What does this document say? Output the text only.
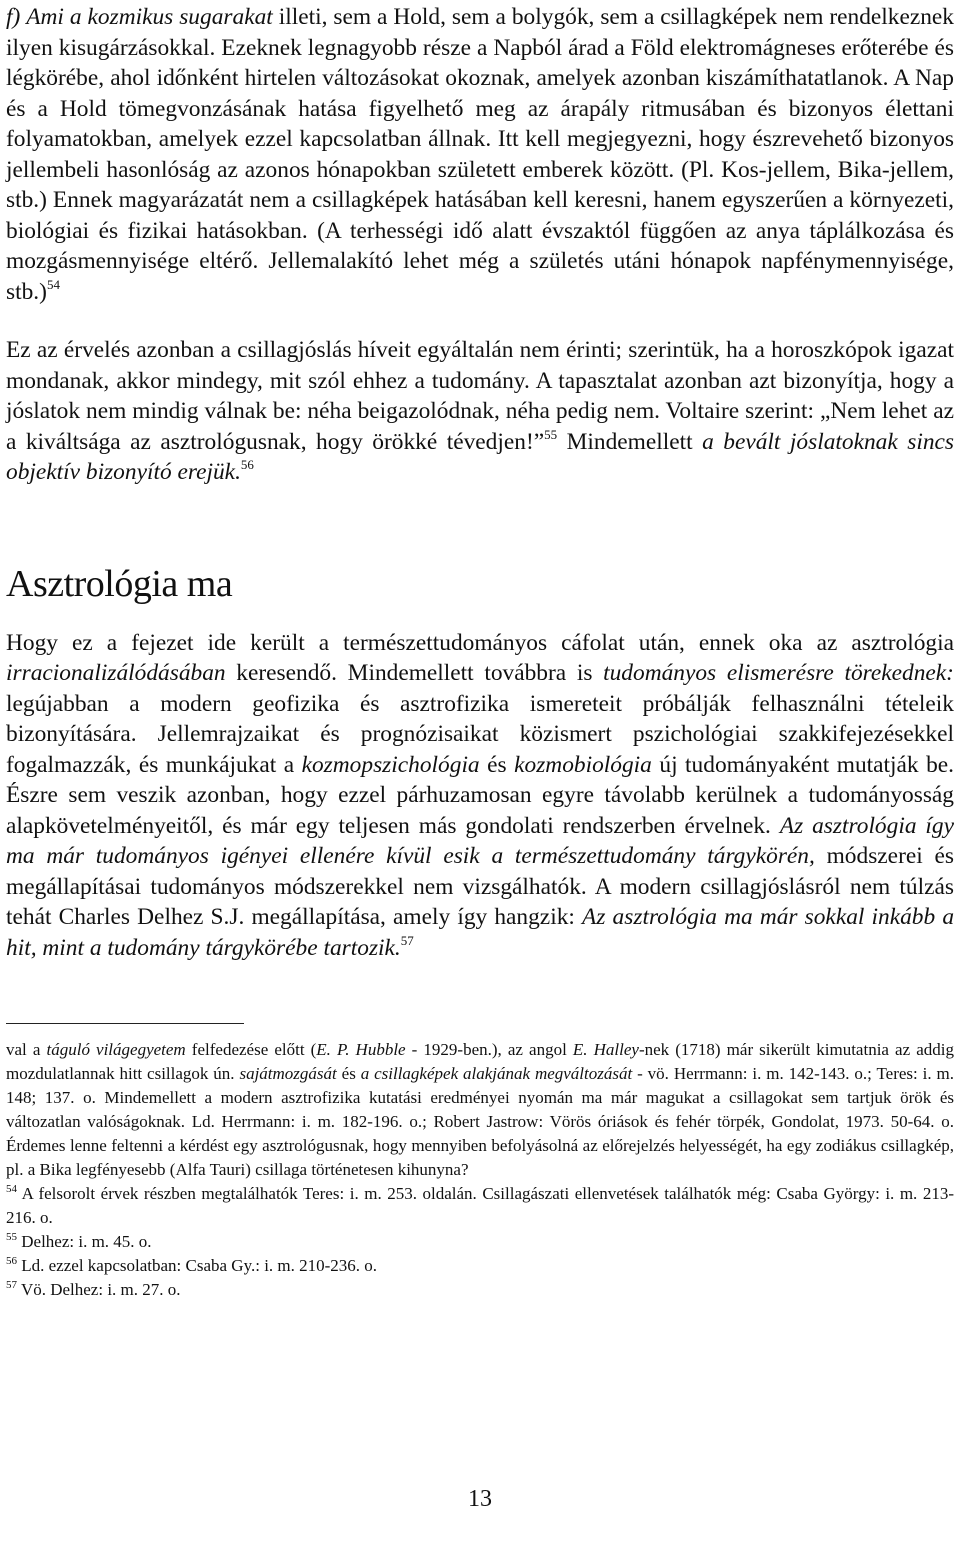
f) Ami a kozmikus sugarakat illeti, sem a Hold, sem a bolygók, sem a csillagképek nem rendelkeznek ilyen kisugárzásokkal. Ezeknek legnagyobb része a Napból árad a Föld elektromágneses erőterébe és légkörébe, ahol időnként hirtelen változásokat okoznak, amelyek azonban kiszámíthatatlanok. A Nap és a Hold tömegvonzásának hatása figyelhető meg az árapály ritmusában és bizonyos élettani folyamatokban, amelyek ezzel kapcsolatban állnak. Itt kell megjegyezni, hogy észrevehető bizonyos jellembeli hasonlóság az azonos hónapokban született emberek között. (Pl. Kos-jellem, Bika-jellem, stb.) Ennek magyarázatát nem a csillagképek hatásában kell keresni, hanem egyszerűen a környezeti, biológiai és fizikai hatásokban. (A terhességi idő alatt évszaktól függően az anya táplálkozása és mozgásmennyisége eltérő. Jellemalakító lehet még a születés utáni hónapok napfénymennyisége, stb.)$^{54}$

Ez az érvelés azonban a csillagjóslás híveit egyáltalán nem érinti; szerintük, ha a horoszkópok igazat mondanak, akkor mindegy, mit szól ehhez a tudomány. A tapasztalat azonban azt bizonyítja, hogy a jóslatok nem mindig válnak be: néha beigazolódnak, néha pedig nem. Voltaire szerint: „Nem lehet az a kiváltsága az asztrológusnak, hogy örökké tévedjen!”$^{55}$ Mindemellett a bevált jóslatoknak sincs objektív bizonyító erejük.$^{56}$

Asztrológia ma

Hogy ez a fejezet ide került a természettudományos cáfolat után, ennek oka az asztrológia irracionalizálódásában keresendő. Mindemellett továbbra is tudományos elismerésre törekednek: legújabban a modern geofizika és asztrofizika ismereteit próbálják felhasználni tételeik bizonyítására. Jellemrajzaikat és prognózisaikat közismert pszichológiai szakkifejezésekkel fogalmazzák, és munkájukat a kozmopszichológia és kozmobiológia új tudományaként mutatják be. Észre sem veszik azonban, hogy ezzel párhuzamosan egyre távolabb kerülnek a tudományosság alapkövetelményeitől, és már egy teljesen más gondolati rendszerben érvelnek. Az asztrológia így ma már tudományos igényei ellenére kívül esik a természettudomány tárgykörén, módszerei és megállapításai tudományos módszerekkel nem vizsgálhatók. A modern csillagjóslásról nem túlzás tehát Charles Delhez S.J. megállapítása, amely így hangzik: Az asztrológia ma már sokkal inkább a hit, mint a tudomány tárgykörébe tartozik.$^{57}$

val a táguló világegyetem felfedezése előtt (E. P. Hubble - 1929-ben.), az angol E. Halley-nek (1718) már sikerült kimutatnia az addig mozdulatlannak hitt csillagok ún. sajátmozgását és a csillagképek alakjának megváltozását - vö. Herrmann: i. m. 142-143. o.; Teres: i. m. 148; 137. o. Mindemellett a modern asztrofizika kutatási eredményei nyomán ma már magukat a csillagokat sem tartjuk örök és változatlan valóságoknak. Ld. Herrmann: i. m. 182-196. o.; Robert Jastrow: Vörös óriások és fehér törpék, Gondolat, 1973. 50-64. o. Érdemes lenne feltenni a kérdést egy asztrológusnak, hogy mennyiben befolyásolná az előrejelzés helyességét, ha egy zodiákus csillagkép, pl. a Bika legfényesebb (Alfa Tauri) csillaga történetesen kihunyna?

$^{54}$ A felsorolt érvek részben megtalálhatók Teres: i. m. 253. oldalán. Csillagászati ellenvetések találhatók még: Csaba György: i. m. 213-216. o.

$^{55}$ Delhez: i. m. 45. o.

$^{56}$ Ld. ezzel kapcsolatban: Csaba Gy.: i. m. 210-236. o.

$^{57}$ Vö. Delhez: i. m. 27. o.

13
